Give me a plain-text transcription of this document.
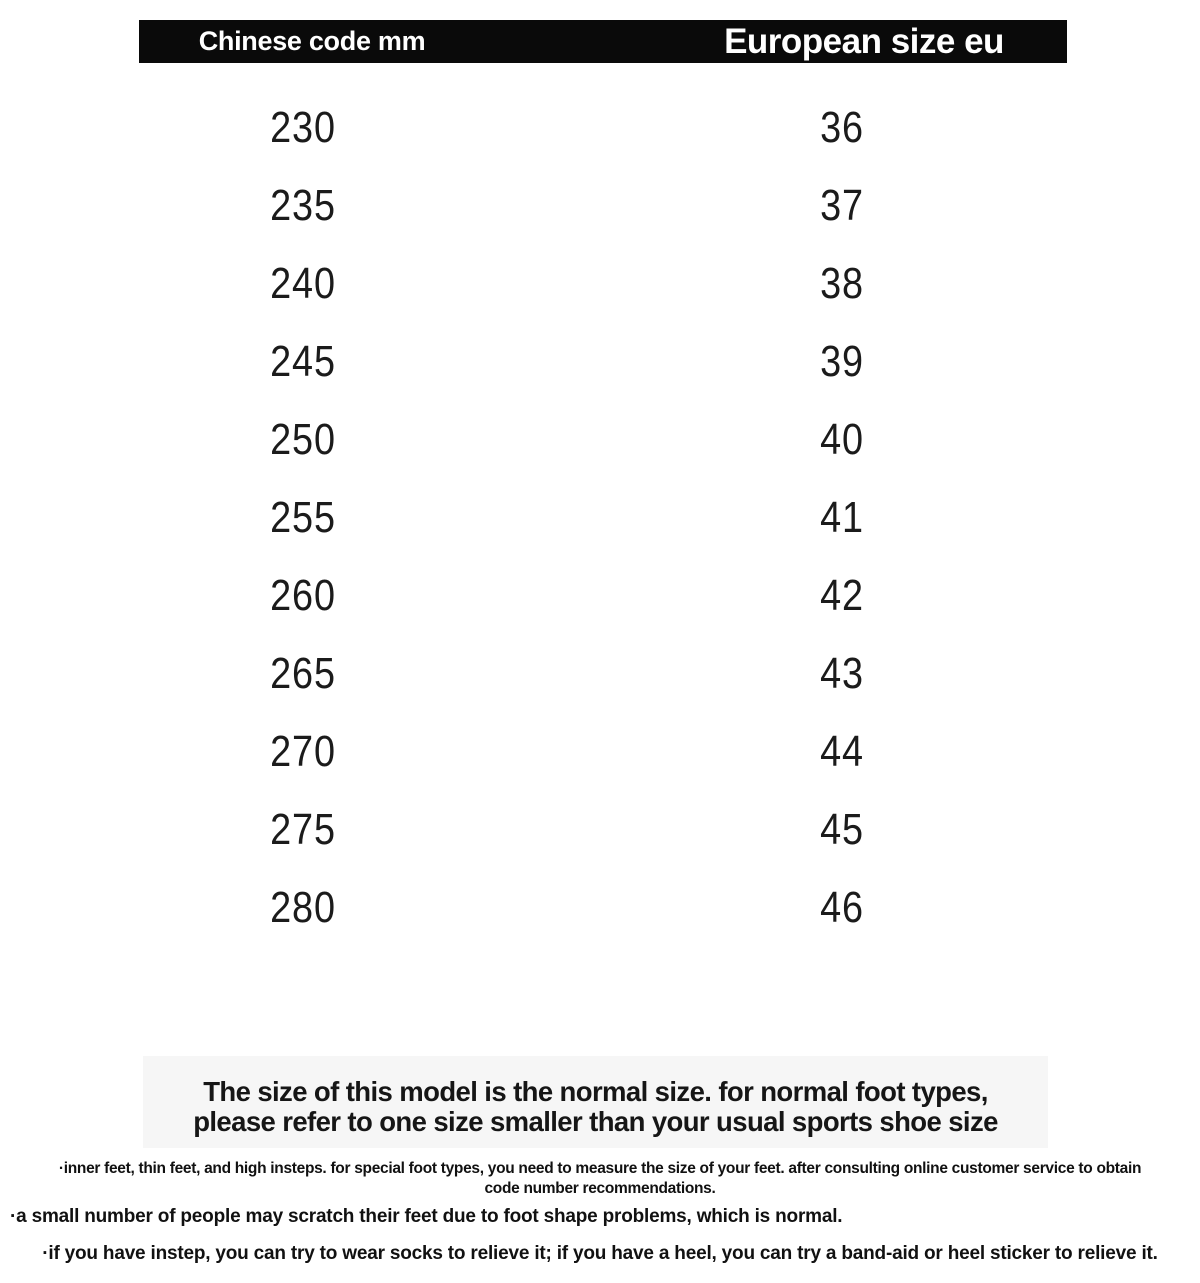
Chinese code mm	European size eu
230	36
235	37
240	38
245	39
250	40
255	41
260	42
265	43
270	44
275	45
280	46
The size of this model is the normal size. for normal foot types,
please refer to one size smaller than your usual sports shoe size
·inner feet, thin feet, and high insteps. for special foot types, you need to measure the size of your feet. after consulting online customer service to obtain code number recommendations.
·a small number of people may scratch their feet due to foot shape problems, which is normal.
·if you have instep, you can try to wear socks to relieve it; if you have a heel, you can try a band-aid or heel sticker to relieve it.
